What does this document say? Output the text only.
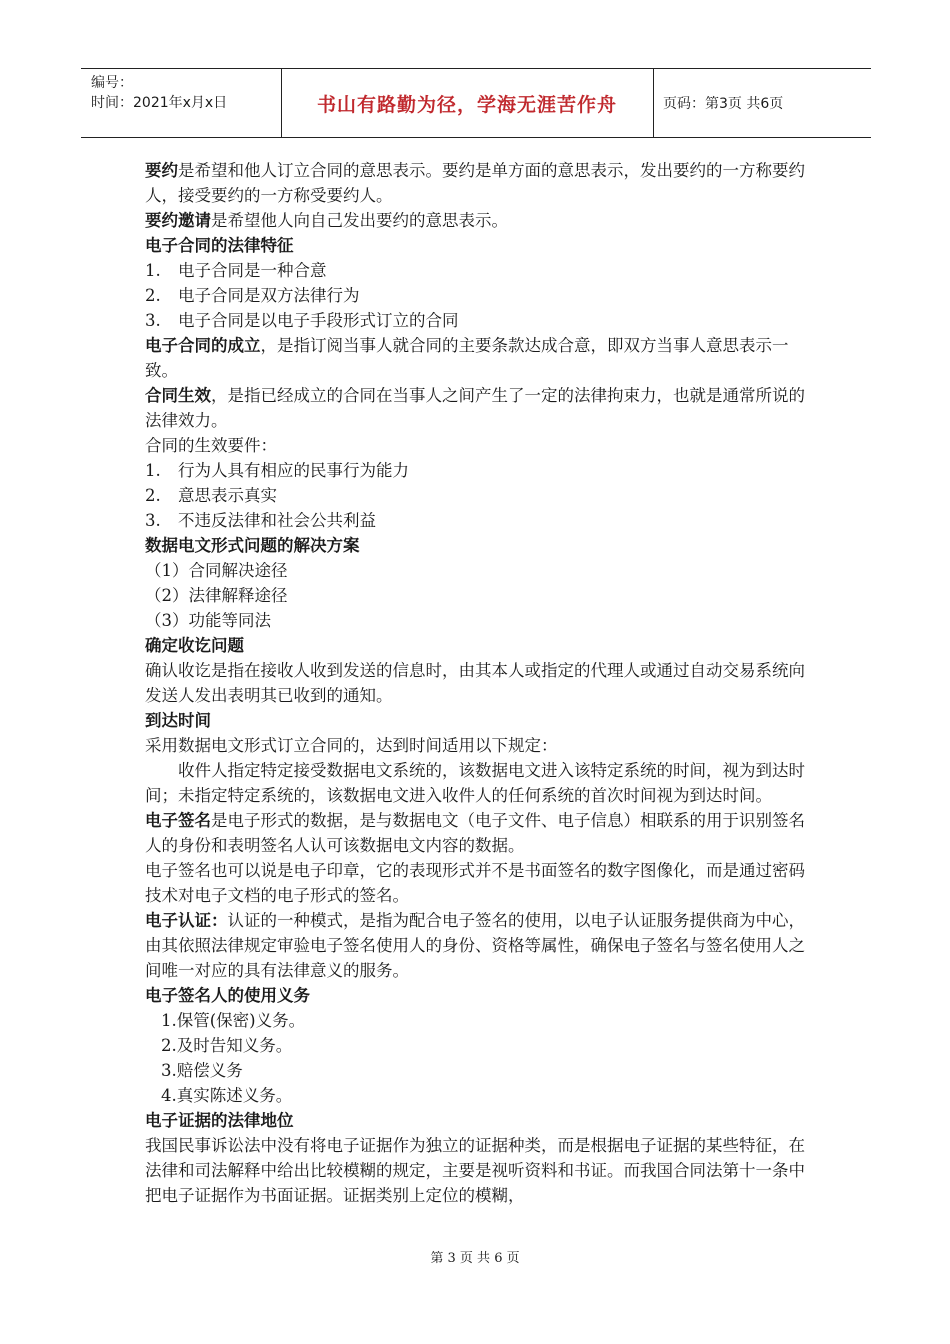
编号：
时间：2021年x月x日	书山有路勤为径，学海无涯苦作舟	页码：第3页 共6页

要约是希望和他人订立合同的意思表示。要约是单方面的意思表示，发出要约的一方称要约人，接受要约的一方称受要约人。

要约邀请是希望他人向自己发出要约的意思表示。

电子合同的法律特征

1. 电子合同是一种合意

2. 电子合同是双方法律行为

3. 电子合同是以电子手段形式订立的合同

电子合同的成立，是指订阅当事人就合同的主要条款达成合意，即双方当事人意思表示一致。

合同生效，是指已经成立的合同在当事人之间产生了一定的法律拘束力，也就是通常所说的法律效力。

合同的生效要件：

1. 行为人具有相应的民事行为能力

2. 意思表示真实

3. 不违反法律和社会公共利益

数据电文形式问题的解决方案

（1）合同解决途径

（2）法律解释途径

（3）功能等同法

确定收讫问题

确认收讫是指在接收人收到发送的信息时，由其本人或指定的代理人或通过自动交易系统向发送人发出表明其已收到的通知。

到达时间

采用数据电文形式订立合同的，达到时间适用以下规定：

收件人指定特定接受数据电文系统的，该数据电文进入该特定系统的时间，视为到达时间；未指定特定系统的，该数据电文进入收件人的任何系统的首次时间视为到达时间。

电子签名是电子形式的数据，是与数据电文（电子文件、电子信息）相联系的用于识别签名人的身份和表明签名人认可该数据电文内容的数据。

电子签名也可以说是电子印章，它的表现形式并不是书面签名的数字图像化，而是通过密码技术对电子文档的电子形式的签名。

电子认证：认证的一种模式，是指为配合电子签名的使用，以电子认证服务提供商为中心，由其依照法律规定审验电子签名使用人的身份、资格等属性，确保电子签名与签名使用人之间唯一对应的具有法律意义的服务。

电子签名人的使用义务

1.保管(保密)义务。

2.及时告知义务。

3.赔偿义务

4.真实陈述义务。

电子证据的法律地位

我国民事诉讼法中没有将电子证据作为独立的证据种类，而是根据电子证据的某些特征，在法律和司法解释中给出比较模糊的规定，主要是视听资料和书证。而我国合同法第十一条中把电子证据作为书面证据。证据类别上定位的模糊，

第 3 页 共 6 页
